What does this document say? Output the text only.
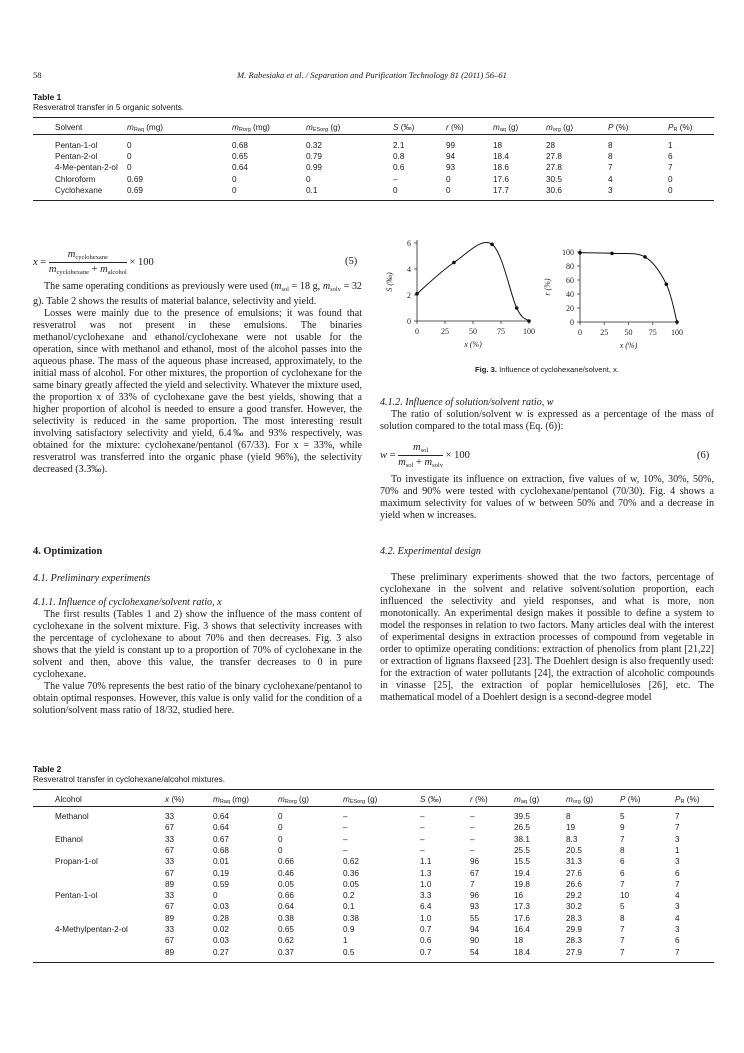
58	M. Rabesiaka et al. / Separation and Purification Technology 81 (2011) 56–61
Table 1
Resveratrol transfer in 5 organic solvents.
Solvent	$m_{Raq}$ (mg)	$m_{Rorg}$ (mg)	$m_{ESorg}$ (g)	S (‰)	r (%)	$m_{aq}$ (g)	$m_{org}$ (g)	P (%)	$P_R$ (%)
Pentan-1-ol	0	0.68	0.32	2.1	99	18	28	8	1
Pentan-2-ol	0	0.65	0.79	0.8	94	18.4	27.8	8	6
4-Me-pentan-2-ol 0	0.64	0.99	0.6	93	18.6	27.8	7	7
Chloroform	0.69	0	0	–	0	17.6	30.5	4	0
Cyclohexane	0.69	0	0.1	0	0	17.7	30.6	3	0
$x = \frac{m_{cyclohexane}}{m_{cyclohexane} + m_{alcohol}} \times 100$	(5)

The same operating conditions as previously were used ($m_{sol} = 18$ g, $m_{solv} = 32$ g). Table 2 shows the results of material balance, selectivity and yield.

Losses were mainly due to the presence of emulsions; it was found that resveratrol was not present in these emulsions. The binaries methanol/cyclohexane and ethanol/cyclohexane were not usable for the operation, since with methanol and ethanol, most of the alcohol passes into the aqueous phase. The mass of the aqueous phase increased, approximately, to the initial mass of alcohol. For other mixtures, the proportion of cyclohexane for the same binary greatly affected the yield and selectivity. Whatever the mixture used, the proportion x of 33% of cyclohexane gave the best yields, showing that a higher proportion of alcohol is needed to ensure a good transfer. However, the selectivity is reduced in the same proportion. The most interesting result involving satisfactory selectivity and yield, 6.4‰ and 93% respectively, was obtained for the mixture: cyclohexane/pentanol (67/33). For x = 33%, while resveratrol was transferred into the organic phase (yield 96%), the selectivity decreased (3.3‰).

4. Optimization
4.1. Preliminary experiments
4.1.1. Influence of cyclohexane/solvent ratio, x

The first results (Tables 1 and 2) show the influence of the mass content of cyclohexane in the solvent mixture. Fig. 3 shows that selectivity increases with the percentage of cyclohexane to about 70% and then decreases. Fig. 3 also shows that the yield is constant up to a proportion of 70% of cyclohexane in the solvent and then, above this value, the transfer decreases to 0 in pure cyclohexane.

The value 70% represents the best ratio of the binary cyclohexane/pentanol to obtain optimal responses. However, this value is only valid for the condition of a solution/solvent mass ratio of 18/32, studied here.

0	25	50	75 100
0
2
4
6
x (%)
S (‰)
0 25 50 75 100
0
20
40
60
80
100
x (%)
r (%)
Fig. 3. Influence of cyclohexane/solvent, x.
4.1.2. Influence of solution/solvent ratio, w

The ratio of solution/solvent w is expressed as a percentage of the mass of solution compared to the total mass (Eq. (6)):

$w = \frac{m_{sol}}{m_{sol} + m_{solv}} \times 100$	(6)

To investigate its influence on extraction, five values of w, 10%, 30%, 50%, 70% and 90% were tested with cyclohexane/pentanol (70/30). Fig. 4 shows a maximum selectivity for values of w between 50% and 70% and a decrease in yield when w increases.

4.2. Experimental design

These preliminary experiments showed that the two factors, percentage of cyclohexane in the solvent and relative solvent/solution proportion, each influenced the selectivity and yield responses, and what is more, non monotonically. An experimental design makes it possible to define a system to model the responses in relation to two factors. Many articles deal with the interest of experimental designs in extraction processes of compound from vegetable in order to optimize operating conditions: extraction of phenolics from plant [21,22] or extraction of lignans flaxseed [23]. The Doehlert design is also frequently used: for the extraction of water pollutants [24], the extraction of alcoholic compounds in vinasse [25], the extraction of poplar hemicelluloses [26], etc. The mathematical model of a Doehlert design is a second-degree model

Table 2
Resveratrol transfer in cyclohexane/alcohol mixtures.
Alcohol	x (%)	$m_{Raq}$ (mg)	$m_{Rorg}$ (g)	$m_{ESorg}$ (g)	S (‰)	r (%)	$m_{aq}$ (g)	$m_{org}$ (g)	P (%)	$P_R$ (%)
Methanol	33	0.64	0	–	–	–	39.5	8	5	7
67	0.64	0	–	–	–	26.5	19	9	7
Ethanol	33	0.67	0	–	–	–	38.1	8.3	7	3
67	0.68	0	–	–	–	25.5	20.5	8	1
Propan-1-ol	33	0.01	0.66	0.62	1.1	96	15.5	31.3	6	3
67	0.19	0.46	0.36	1.3	67	19.4	27.6	6	6
89	0.59	0.05	0.05	1.0	7	19.8	26.6	7	7
Pentan-1-ol	33	0	0.66	0.2	3.3	96	16	29.2	10	4
67	0.03	0.64	0.1	6.4	93	17.3	30.2	5	3
89	0.28	0.38	0.38	1.0	55	17.6	28.3	8	4
4-Methylpentan-2-ol	33	0.02	0.65	0.9	0.7	94	16.4	29.9	7	3
67	0.03	0.62	1	0.6	90	18	28.3	7	6
89	0.27	0.37	0.5	0.7	54	18.4	27.9	7	7
